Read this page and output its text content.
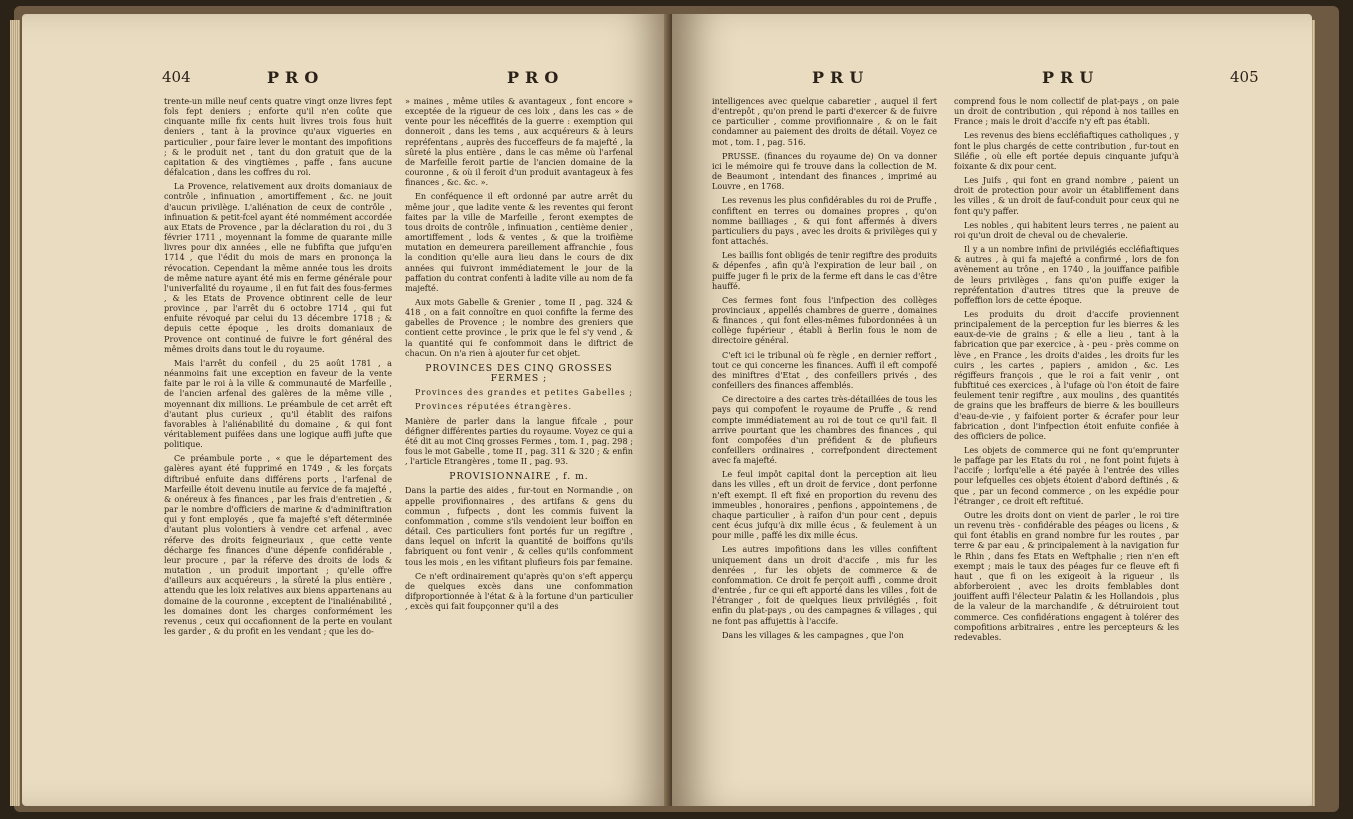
404	PRO	PRO

trente-un mille neuf cents quatre vingt onze livres fept fols fept deniers ; enforte qu'il n'en coûte que cinquante mille fix cents huit livres trois fous huit deniers , tant à la province qu'aux vigueries en particulier , pour faire lever le montant des impofitions ; & le produit net , tant du don gratuit que de la capitation & des vingtièmes , paffe , fans aucune défalcation , dans les coffres du roi.

La Provence, relativement aux droits domaniaux de contrôle , infinuation , amortiffement , &c. ne jouit d'aucun privilège. L'aliénation de ceux de contrôle , infinuation & petit-fcel ayant été nommément accordée aux Etats de Provence , par la déclaration du roi , du 3 février 1711 , moyennant la fomme de quarante mille livres pour dix années , elle ne fubfifta que jufqu'en 1714 , que l'édit du mois de mars en prononça la révocation. Cependant la même année tous les droits de même nature ayant été mis en ferme générale pour l'univerfalité du royaume , il en fut fait des fous-fermes , & les Etats de Provence obtinrent celle de leur province , par l'arrêt du 6 octobre 1714 , qui fut enfuite révoqué par celui du 13 décembre 1718 ; & depuis cette époque , les droits domaniaux de Provence ont continué de fuivre le fort général des mêmes droits dans tout le du royaume.

Mais l'arrêt du confeil , du 25 août 1781 , a néanmoins fait une exception en faveur de la vente faite par le roi à la ville & communauté de Marfeille , de l'ancien arfenal des galères de la même ville , moyennant dix millions. Le préambule de cet arrêt eft d'autant plus curieux , qu'il établit des raifons favorables à l'aliénabilité du domaine , & qui font véritablement puifées dans une logique auffi jufte que politique.

Ce préambule porte , « que le département des galères ayant été fupprimé en 1749 , & les forçats diftribué enfuite dans différens ports , l'arfenal de Marfeille étoit devenu inutile au fervice de fa majefté , & onéreux à fes finances , par les frais d'entretien , & par le nombre d'officiers de marine & d'adminiftration qui y font employés , que fa majefté s'eft déterminée d'autant plus volontiers à vendre cet arfenal , avec réferve des droits feigneuriaux , que cette vente décharge fes finances d'une dépenfe confidérable , leur procure , par la réferve des droits de lods & mutation , un produit important ; qu'elle offre d'ailleurs aux acquéreurs , la sûreté la plus entière , attendu que les loix relatives aux biens appartenans au domaine de la couronne , exceptent de l'inaliénabilité , les domaines dont les charges conformément les revenus , ceux qui occafionnent de la perte en voulant les garder , & du profit en les vendant ; que les do-

» maines , même utiles & avantageux , font encore » exceptée de la rigueur de ces loix , dans les cas » de vente pour les néceffités de la guerre : exemption qui donneroit , dans les tems , aux acquéreurs & à leurs repréfentans , auprès des fucceffeurs de fa majefté , la sûreté la plus entière , dans le cas même où l'arfenal de Marfeille feroit partie de l'ancien domaine de la couronne , & où il feroit d'un produit avantageux à fes finances , &c. &c. ».

En conféquence il eft ordonné par autre arrêt du même jour , que ladite vente & les reventes qui feront faites par la ville de Marfeille , feront exemptes de tous droits de contrôle , infinuation , centième denier , amortiffement , lods & ventes , & que la troifième mutation en demeurera pareillement affranchie , fous la condition qu'elle aura lieu dans le cours de dix années qui fuivront immédiatement le jour de la paffation du contrat confenti à ladite ville au nom de fa majefté.

Aux mots Gabelle & Grenier , tome II , pag. 324 & 418 , on a fait connoître en quoi confifte la ferme des gabelles de Provence ; le nombre des greniers que contient cette province , le prix que le fel s'y vend , & la quantité qui fe confommoit dans le diftrict de chacun. On n'a rien à ajouter fur cet objet.

PROVINCES DES CINQ GROSSES FERMES ;
Provinces des grandes et petites Gabelles ;
Provinces réputées étrangères.

Manière de parler dans la langue fifcale , pour défigner différentes parties du royaume. Voyez ce qui a été dit au mot Cinq grosses Fermes , tom. I , pag. 298 ; fous le mot Gabelle , tome II , pag. 311 & 320 ; & enfin , l'article Etrangères , tome II , pag. 93.

PROVISIONNAIRE , f. m.

Dans la partie des aides , fur-tout en Normandie , on appelle provifionnaires , des artifans & gens du commun , fufpects , dont les commis fuivent la confommation , comme s'ils vendoient leur boiffon en détail. Ces particuliers font portés fur un regiftre , dans lequel on infcrit la quantité de boiffons qu'ils fabriquent ou font venir , & celles qu'ils confomment tous les mois , en les vifitant plufieurs fois par femaine.

Ce n'eft ordinairement qu'après qu'on s'eft apperçu de quelques excès dans une confommation difproportionnée à l'état & à la fortune d'un particulier , excès qui fait foupçonner qu'il a des

PRU	PRU	405

intelligences avec quelque cabaretier , auquel il fert d'entrepôt , qu'on prend le parti d'exercer & de fuivre ce particulier , comme provifionnaire , & on le fait condamner au paiement des droits de détail. Voyez ce mot , tom. I , pag. 516.

PRUSSE. (finances du royaume de) On va donner ici le mémoire qui fe trouve dans la collection de M. de Beaumont , intendant des finances , imprimé au Louvre , en 1768.

Les revenus les plus confidérables du roi de Pruffe , confiftent en terres ou domaines propres , qu'on nomme bailliages , & qui font affermés à divers particuliers du pays , avec les droits & privilèges qui y font attachés.

Les baillis font obligés de tenir regiftre des produits & dépenfes , afin qu'à l'expiration de leur bail , on puiffe juger fi le prix de la ferme eft dans le cas d'être hauffé.

Ces fermes font fous l'infpection des collèges provinciaux , appellés chambres de guerre , domaines & finances , qui font elles-mêmes fubordonnées à un collège fupérieur , établi à Berlin fous le nom de directoire général.

C'eft ici le tribunal où fe règle , en dernier reffort , tout ce qui concerne les finances. Auffi il eft compofé des miniftres d'Etat , des confeillers privés , des confeillers des finances affemblés.

Ce directoire a des cartes très-détaillées de tous les pays qui compofent le royaume de Pruffe , & rend compte immédiatement au roi de tout ce qu'il fait. Il arrive pourtant que les chambres des finances , qui font compofées d'un préfident & de plufieurs confeillers ordinaires , correfpondent directement avec fa majefté.

Le feul impôt capital dont la perception ait lieu dans les villes , eft un droit de fervice , dont perfonne n'eft exempt. Il eft fixé en proportion du revenu des immeubles , honoraires , penfions , appointemens , de chaque particulier , à raifon d'un pour cent , depuis cent écus jufqu'à dix mille écus , & feulement à un pour mille , paffé les dix mille écus.

Les autres impofitions dans les villes confiftent uniquement dans un droit d'accife , mis fur les denrées , fur les objets de commerce & de confommation. Ce droit fe perçoit auffi , comme droit d'entrée , fur ce qui eft apporté dans les villes , foit de l'étranger , foit de quelques lieux privilégiés , foit enfin du plat-pays , ou des campagnes & villages , qui ne font pas affujettis à l'accife.

Dans les villages & les campagnes , que l'on

comprend fous le nom collectif de plat-pays , on paie un droit de contribution , qui répond à nos tailles en France ; mais le droit d'accife n'y eft pas établi.

Les revenus des biens eccléfiaftiques catholiques , y font le plus chargés de cette contribution , fur-tout en Siléfie , où elle eft portée depuis cinquante jufqu'à foixante & dix pour cent.

Les Juifs , qui font en grand nombre , paient un droit de protection pour avoir un établiffement dans les villes , & un droit de fauf-conduit pour ceux qui ne font qu'y paffer.

Les nobles , qui habitent leurs terres , ne paient au roi qu'un droit de cheval ou de chevalerie.

Il y a un nombre infini de privilégiés eccléfiaftiques & autres , à qui fa majefté a confirmé , lors de fon avènement au trône , en 1740 , la jouiffance paifible de leurs privilèges , fans qu'on puiffe exiger la repréfentation d'autres titres que la preuve de poffeffion lors de cette époque.

Les produits du droit d'accife proviennent principalement de la perception fur les bierres & les eaux-de-vie de grains ; & elle a lieu , tant à la fabrication que par exercice , à - peu - près comme on lève , en France , les droits d'aides , les droits fur les cuirs , les cartes , papiers , amidon , &c. Les régiffeurs françois , que le roi a fait venir , ont fubftitué ces exercices , à l'ufage où l'on étoit de faire feulement tenir regiftre , aux moulins , des quantités de grains que les braffeurs de bierre & les bouilleurs d'eau-de-vie , y faifoient porter & écrafer pour leur fabrication , dont l'infpection étoit enfuite confiée à des officiers de police.

Les objets de commerce qui ne font qu'emprunter le paffage par les Etats du roi , ne font point fujets à l'accife ; lorfqu'elle a été payée à l'entrée des villes pour lefquelles ces objets étoient d'abord deftinés , & que , par un fecond commerce , on les expédie pour l'étranger , ce droit eft reftitué.

Outre les droits dont on vient de parler , le roi tire un revenu très - confidérable des péages ou licens , & qui font établis en grand nombre fur les routes , par terre & par eau , & principalement à la navigation fur le Rhin , dans fes Etats en Weftphalie ; rien n'en eft exempt ; mais le taux des péages fur ce fleuve eft fi haut , que fi on les exigeoit à la rigueur , ils abforberoient , avec les droits femblables dont jouiffent auffi l'électeur Palatin & les Hollandois , plus de la valeur de la marchandife , & détruiroient tout commerce. Ces confidérations engagent à tolérer des compofitions arbitraires , entre les percepteurs & les redevables.
